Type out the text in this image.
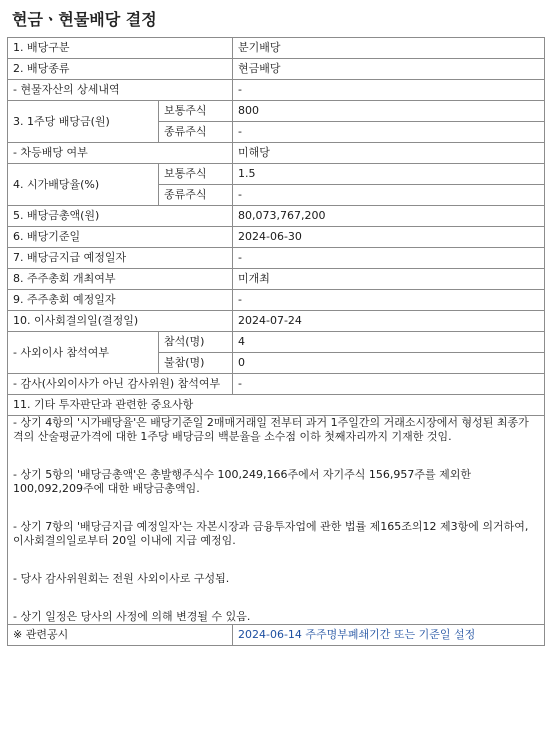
현금ㆍ현물배당 결정
1. 배당구분		분기배당
2. 배당종류		현금배당
- 현물자산의 상세내역		-
3. 1주당 배당금(원)	보통주식	800
	종류주식	-
- 차등배당 여부		미해당
4. 시가배당율(%)	보통주식	1.5
	종류주식	-
5. 배당금총액(원)		80,073,767,200
6. 배당기준일		2024-06-30
7. 배당금지급 예정일자		-
8. 주주총회 개최여부		미개최
9. 주주총회 예정일자		-
10. 이사회결의일(결정일)		2024-07-24
- 사외이사 참석여부	참석(명)	4
	불참(명)	0
- 감사(사외이사가 아닌 감사위원) 참석여부		-
11. 기타 투자판단과 관련한 중요사항		

- 상기 4항의 '시가배당율'은 배당기준일 2매매거래일 전부터 과거 1주일간의 거래소시장에서 형성된 최종가격의 산술평균가격에 대한 1주당 배당금의 백분율을 소수점 이하 첫째자리까지 기재한 것임.

- 상기 5항의 '배당금총액'은 총발행주식수 100,249,166주에서 자기주식 156,957주를 제외한 100,092,209주에 대한 배당금총액임.

- 상기 7항의 '배당금지급 예정일자'는 자본시장과 금융투자업에 관한 법률 제165조의12 제3항에 의거하여, 이사회결의일로부터 20일 이내에 지급 예정임.

- 당사 감사위원회는 전원 사외이사로 구성됨.

- 상기 일정은 당사의 사정에 의해 변경될 수 있음.		

※ 관련공시		2024-06-14 주주명부폐쇄기간 또는 기준일 설정
